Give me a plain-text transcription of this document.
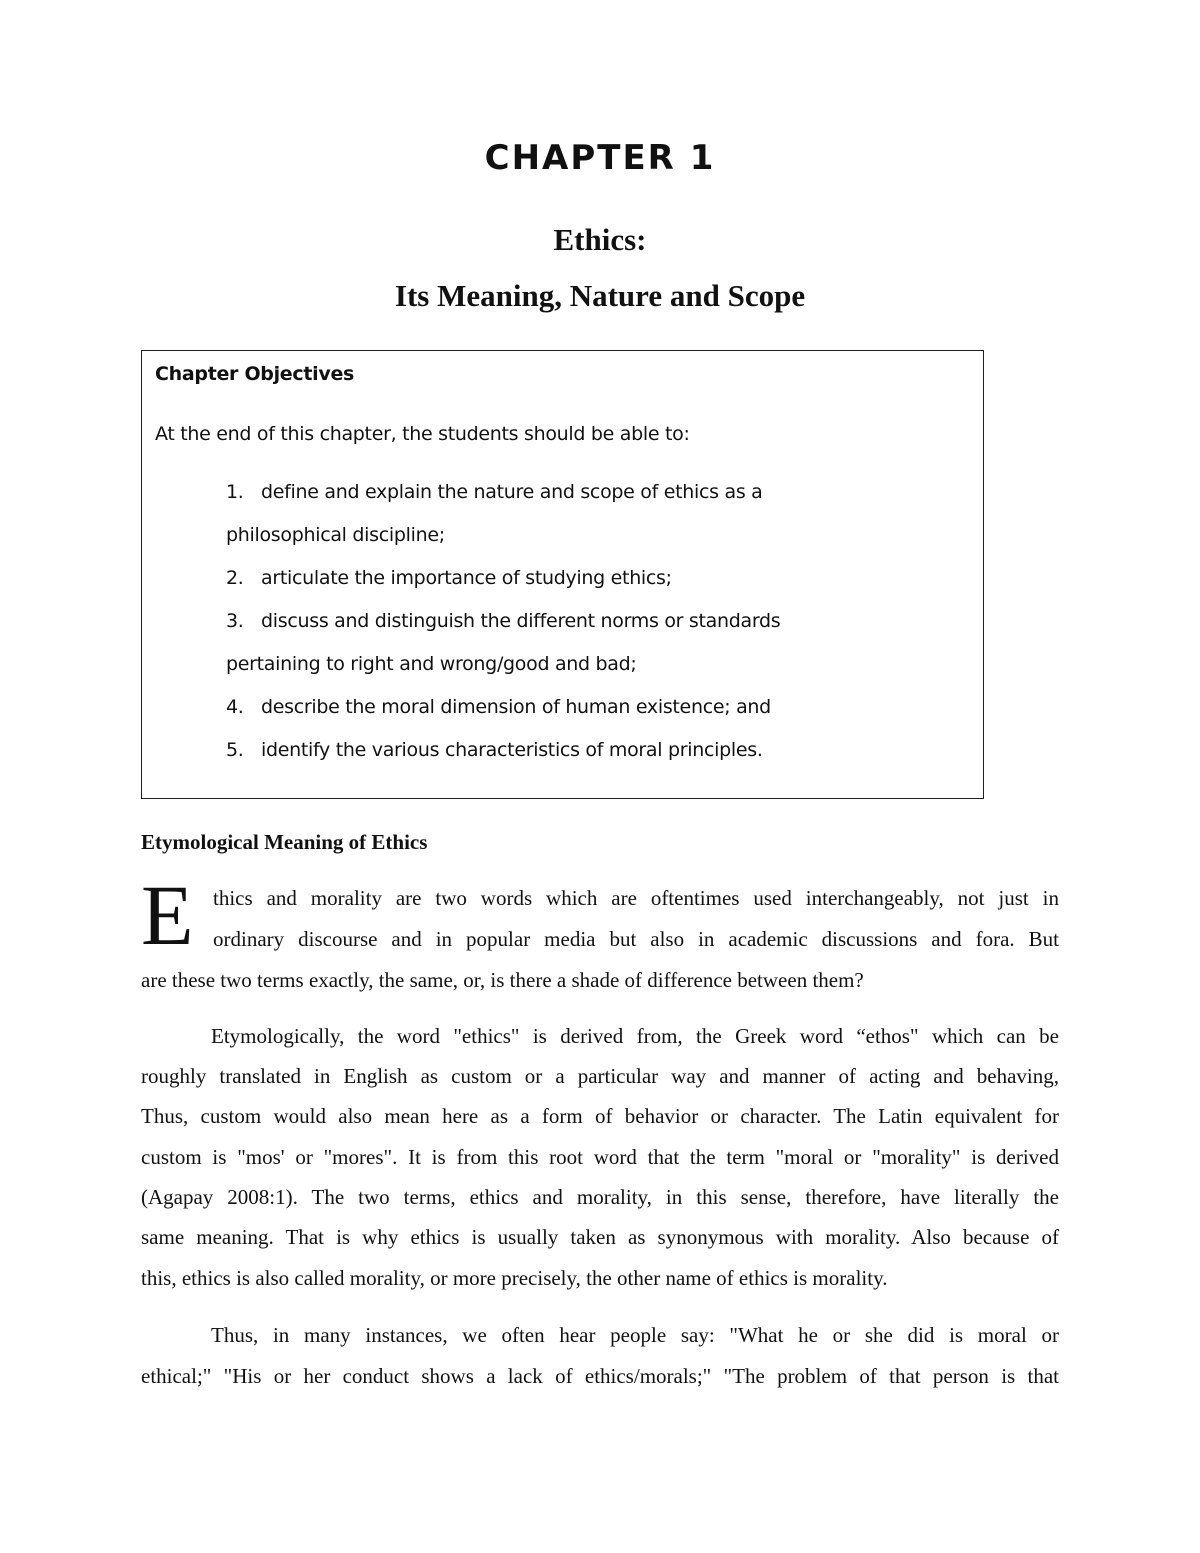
CHAPTER 1
Ethics:
Its Meaning, Nature and Scope
Chapter Objectives
At the end of this chapter, the students should be able to:
1. define and explain the nature and scope of ethics as a
philosophical discipline;
2. articulate the importance of studying ethics;
3. discuss and distinguish the different norms or standards
pertaining to right and wrong/good and bad;
4. describe the moral dimension of human existence; and
5. identify the various characteristics of moral principles.
Etymological Meaning of Ethics
E thics and morality are two words which are oftentimes used interchangeably, not just in
ordinary discourse and in popular media but also in academic discussions and fora. But
are these two terms exactly, the same, or, is there a shade of difference between them?
Etymologically, the word "ethics" is derived from, the Greek word “ethos" which can be
roughly translated in English as custom or a particular way and manner of acting and behaving,
Thus, custom would also mean here as a form of behavior or character. The Latin equivalent for
custom is "mos' or "mores". It is from this root word that the term "moral or "morality" is derived
(Agapay 2008:1). The two terms, ethics and morality, in this sense, therefore, have literally the
same meaning. That is why ethics is usually taken as synonymous with morality. Also because of
this, ethics is also called morality, or more precisely, the other name of ethics is morality.
Thus, in many instances, we often hear people say: "What he or she did is moral or
ethical;" "His or her conduct shows a lack of ethics/morals;" "The problem of that person is that
